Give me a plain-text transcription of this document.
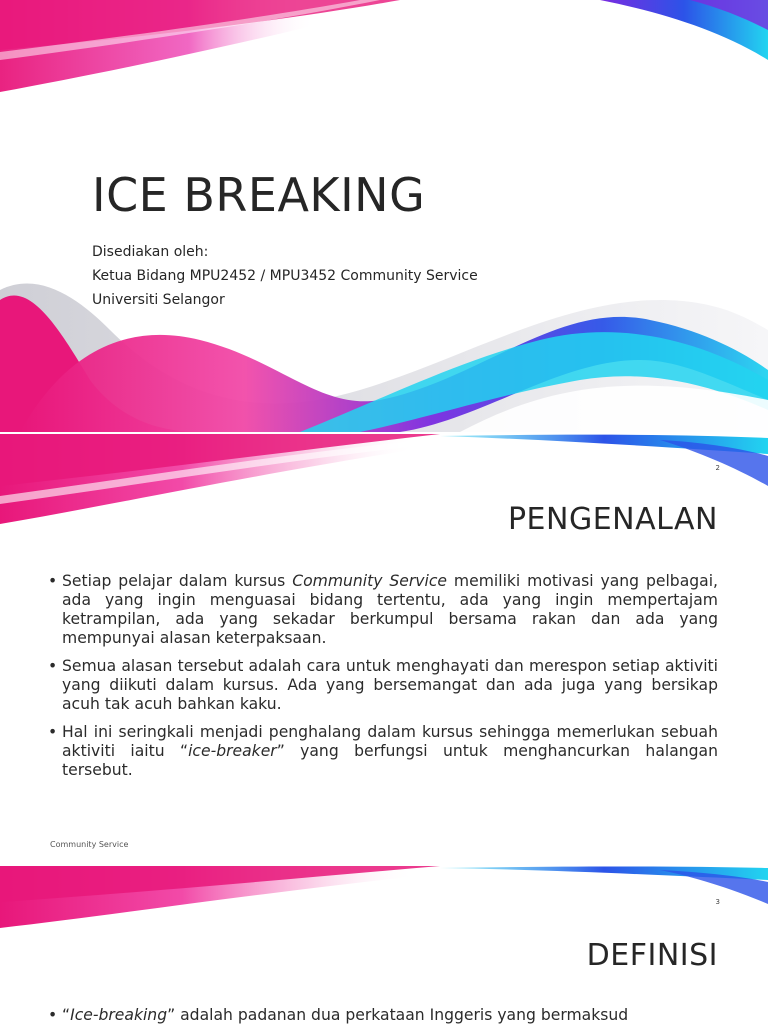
ICE BREAKING
Disediakan oleh:
Ketua Bidang MPU2452 / MPU3452 Community Service
Universiti Selangor
2
PENGENALAN
• Setiap pelajar dalam kursus Community Service memiliki motivasi yang pelbagai, ada yang ingin menguasai bidang tertentu, ada yang ingin mempertajam ketrampilan, ada yang sekadar berkumpul bersama rakan dan ada yang mempunyai alasan keterpaksaan.
• Semua alasan tersebut adalah cara untuk menghayati dan merespon setiap aktiviti yang diikuti dalam kursus. Ada yang bersemangat dan ada juga yang bersikap acuh tak acuh bahkan kaku.
• Hal ini seringkali menjadi penghalang dalam kursus sehingga memerlukan sebuah aktiviti iaitu “ice-breaker” yang berfungsi untuk menghancurkan halangan tersebut.
Community Service
3
DEFINISI
• “Ice-breaking” adalah padanan dua perkataan Inggeris yang bermaksud
